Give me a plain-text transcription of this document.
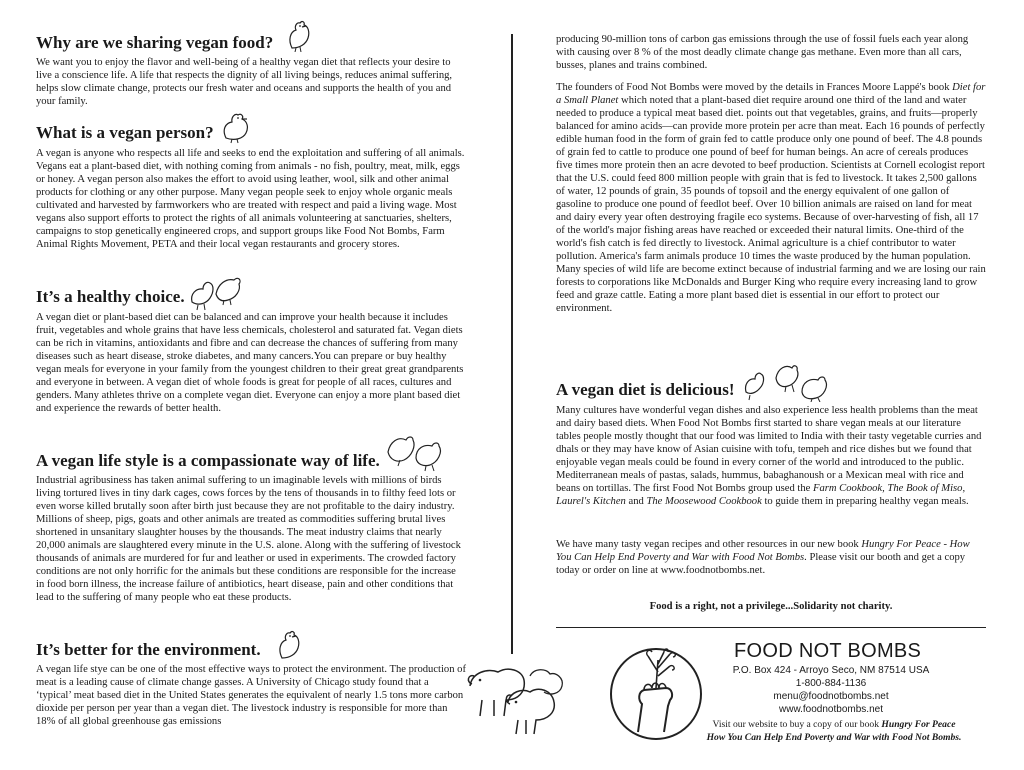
Why are we sharing vegan food?

We want you to enjoy the flavor and well-being of a healthy vegan diet that reflects your desire to live a conscience life. A life that respects the dignity of all living beings, reduces animal suffering, helps slow climate change, protects our fresh water and oceans and supports the health of you and your family.

What is a vegan person?

A vegan is anyone who respects all life and seeks to end the exploitation and suffering of all animals. Vegans eat a plant-based diet, with nothing coming from animals - no fish, poultry, meat, milk, eggs or honey. A vegan person also makes the effort to avoid using leather, wool, silk and other animal products for clothing or any other purpose. Many vegan people seek to enjoy whole organic meals cultivated and harvested by farmworkers who are treated with respect and paid a living wage. Most vegans also support efforts to protect the rights of all animals volunteering at sanctuaries, shelters, campaigns to stop genetically engineered crops, and support groups like Food Not Bombs, Farm Animal Rights Movement, PETA and their local vegan restaurants and grocery stores.

It’s a healthy choice.

A vegan diet or plant-based diet can be balanced and can improve your health because it includes fruit, vegetables and whole grains that have less chemicals, cholesterol and saturated fat. Vegan diets can be rich in vitamins, antioxidants and fibre and can decrease the chances of suffering from many diseases such as heart disease, stroke diabetes, and many cancers.You can prepare or buy healthy vegan meals for everyone in your family from the youngest children to their great great grandparents and everyone in between. A vegan diet of whole foods is great for people of all races, cultures and genders. Many athletes thrive on a complete vegan diet. Everyone can enjoy a more plant based diet and experience the rewards of better health.

A vegan life style is a compassionate way of life.

Industrial agribusiness has taken animal suffering to un imaginable levels with millions of birds living tortured lives in tiny dark cages, cows forces by the tens of thousands in to filthy feed lots or even worse killed brutally soon after birth just because they are not profitable to the dairy industry. Millions of sheep, pigs, goats and other animals are treated as commodities suffering brutal lives shortened in unsanitary slaughter houses by the thousands. The meat industry claims that nearly 20,000 animals are slaughtered every minute in the U.S. alone. Along with the suffering of livestock thousands of animals are murdered for fur and leather or used in experiments. The crowded factory conditions are not only horrific for the animals but these conditions are responsible for the increase in food born illness, the increase failure of antibiotics, heart disease, pain and other conditions that lead to the suffering of many people who eat these products.

It’s better for the environment.

A vegan life stye can be one of the most effective ways to protect the environment. The production of meat is a leading cause of climate change gasses. A University of Chicago study found that a ‘typical’ meat based diet in the United States generates the equivalent of nearly 1.5 tons more carbon dioxide per person per year than a vegan diet. The livestock industry is responsible for more than 18% of all global greenhouse gas emissions

producing 90-million tons of carbon gas emissions through the use of fossil fuels each year along with causing over 8 % of the most deadly climate change gas methane. Even more than all cars, busses, planes and trains combined.

The founders of Food Not Bombs were moved by the details in Frances Moore Lappé's book Diet for a Small Planet which noted that a plant-based diet require around one third of the land and water needed to produce a typical meat based diet. points out that vegetables, grains, and fruits—properly balanced for amino acids—can provide more protein per acre than meat. Each 16 pounds of perfectly edible human food in the form of grain fed to cattle produce only one pound of beef. The 4.8 pounds of grain fed to cattle to produce one pound of beef for human beings. An acre of cereals produces five times more protein then an acre devoted to beef production. Scientists at Cornell ecologist report that the U.S. could feed 800 million people with grain that is fed to livestock. It takes 2,500 gallons of water, 12 pounds of grain, 35 pounds of topsoil and the energy equivalent of one gallon of gasoline to produce one pound of feedlot beef. Over 10 billion animals are raised on land for meat and dairy every year often destroying fragile eco systems. Because of over-harvesting of fish, all 17 of the world's major fishing areas have reached or exceeded their natural limits. One-third of the world's fish catch is fed directly to livestock. Animal agriculture is a chief contributor to water pollution. America's farm animals produce 10 times the waste produced by the human population. Many species of wild life are become extinct because of industrial farming and we are losing our rain forests to corporations like McDonalds and Burger King who require every increasing land to grow feed and graze cattle. Eating a more plant based diet is essential in our effort to protect our environment.

A vegan diet is delicious!

Many cultures have wonderful vegan dishes and also experience less health problems than the meat and dairy based diets. When Food Not Bombs first started to share vegan meals at our literature tables people mostly thought that our food was limited to India with their tasty vegetable curries and dhals or they may have know of Asian cuisine with tofu, tempeh and rice dishes but we found that enjoyable vegan meals could be found in every corner of the world and introduced to the public. Mediterranean meals of pastas, salads, hummus, babaghanoush or a Mexican meal with rice and beans on tortillas. The first Food Not Bombs group used the Farm Cookbook, The Book of Miso, Laurel's Kitchen and The Moosewood Cookbook to guide them in preparing healthy vegan meals.

We have many tasty vegan recipes and other resources in our new book Hungry For Peace - How You Can Help End Poverty and War with Food Not Bombs. Please visit our booth and get a copy today or order on line at www.foodnotbombs.net.

Food is a right, not a privilege...Solidarity not charity.
FOOD NOT BOMBS
P.O. Box 424 - Arroyo Seco, NM 87514 USA
1-800-884-1136
menu@foodnotbombs.net
www.foodnotbombs.net
Visit our website to buy a copy of our book Hungry For Peace
How You Can Help End Poverty and War with Food Not Bombs.
